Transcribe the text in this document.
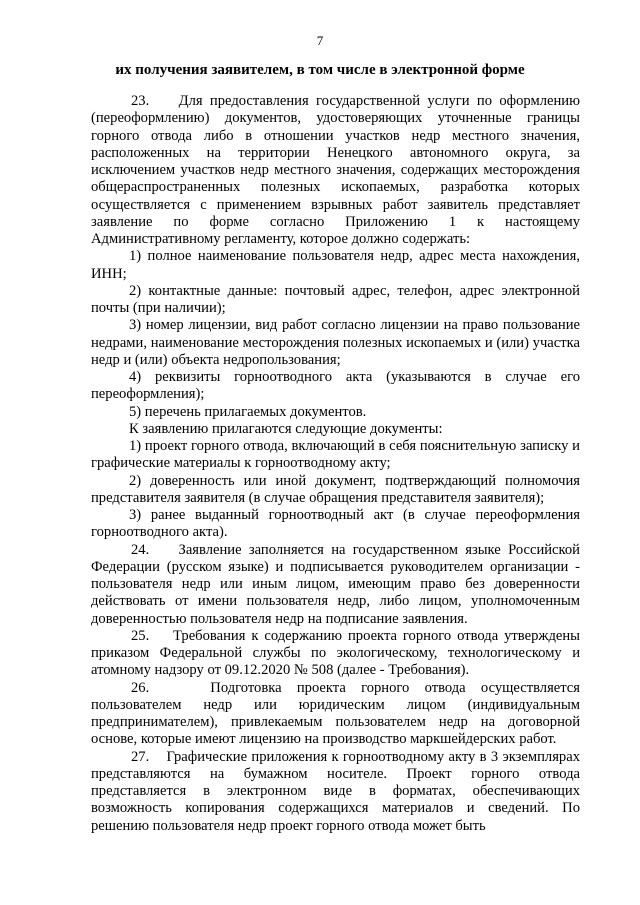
7
их получения заявителем, в том числе в электронной форме

23.    Для предоставления государственной услуги по оформлению (переоформлению) документов, удостоверяющих уточненные границы горного отвода либо в отношении участков недр местного значения, расположенных на территории Ненецкого автономного округа, за исключением участков недр местного значения, содержащих месторождения общераспространенных полезных ископаемых, разработка которых осуществляется с применением взрывных работ заявитель представляет заявление по форме согласно Приложению 1 к настоящему Административному регламенту, которое должно содержать:

1) полное наименование пользователя недр, адрес места нахождения, ИНН;

2) контактные данные: почтовый адрес, телефон, адрес электронной почты (при наличии);

3) номер лицензии, вид работ согласно лицензии на право пользование недрами, наименование месторождения полезных ископаемых и (или) участка недр и (или) объекта недропользования;

4) реквизиты горноотводного акта (указываются в случае его переоформления);

5) перечень прилагаемых документов.

К заявлению прилагаются следующие документы:

1) проект горного отвода, включающий в себя пояснительную записку и графические материалы к горноотводному акту;

2) доверенность или иной документ, подтверждающий полномочия представителя заявителя (в случае обращения представителя заявителя);

3) ранее выданный горноотводный акт (в случае переоформления горноотводного акта).

24.    Заявление заполняется на государственном языке Российской Федерации (русском языке) и подписывается руководителем организации - пользователя недр или иным лицом, имеющим право без доверенности действовать от имени пользователя недр, либо лицом, уполномоченным доверенностью пользователя недр на подписание заявления.

25.    Требования к содержанию проекта горного отвода утверждены приказом Федеральной службы по экологическому, технологическому и атомному надзору от 09.12.2020 № 508 (далее - Требования).

26.    Подготовка проекта горного отвода осуществляется пользователем недр или юридическим лицом (индивидуальным предпринимателем), привлекаемым пользователем недр на договорной основе, которые имеют лицензию на производство маркшейдерских работ.

27.    Графические приложения к горноотводному акту в 3 экземплярах представляются на бумажном носителе. Проект горного отвода представляется в электронном виде в форматах, обеспечивающих возможность копирования содержащихся материалов и сведений. По решению пользователя недр проект горного отвода может быть
